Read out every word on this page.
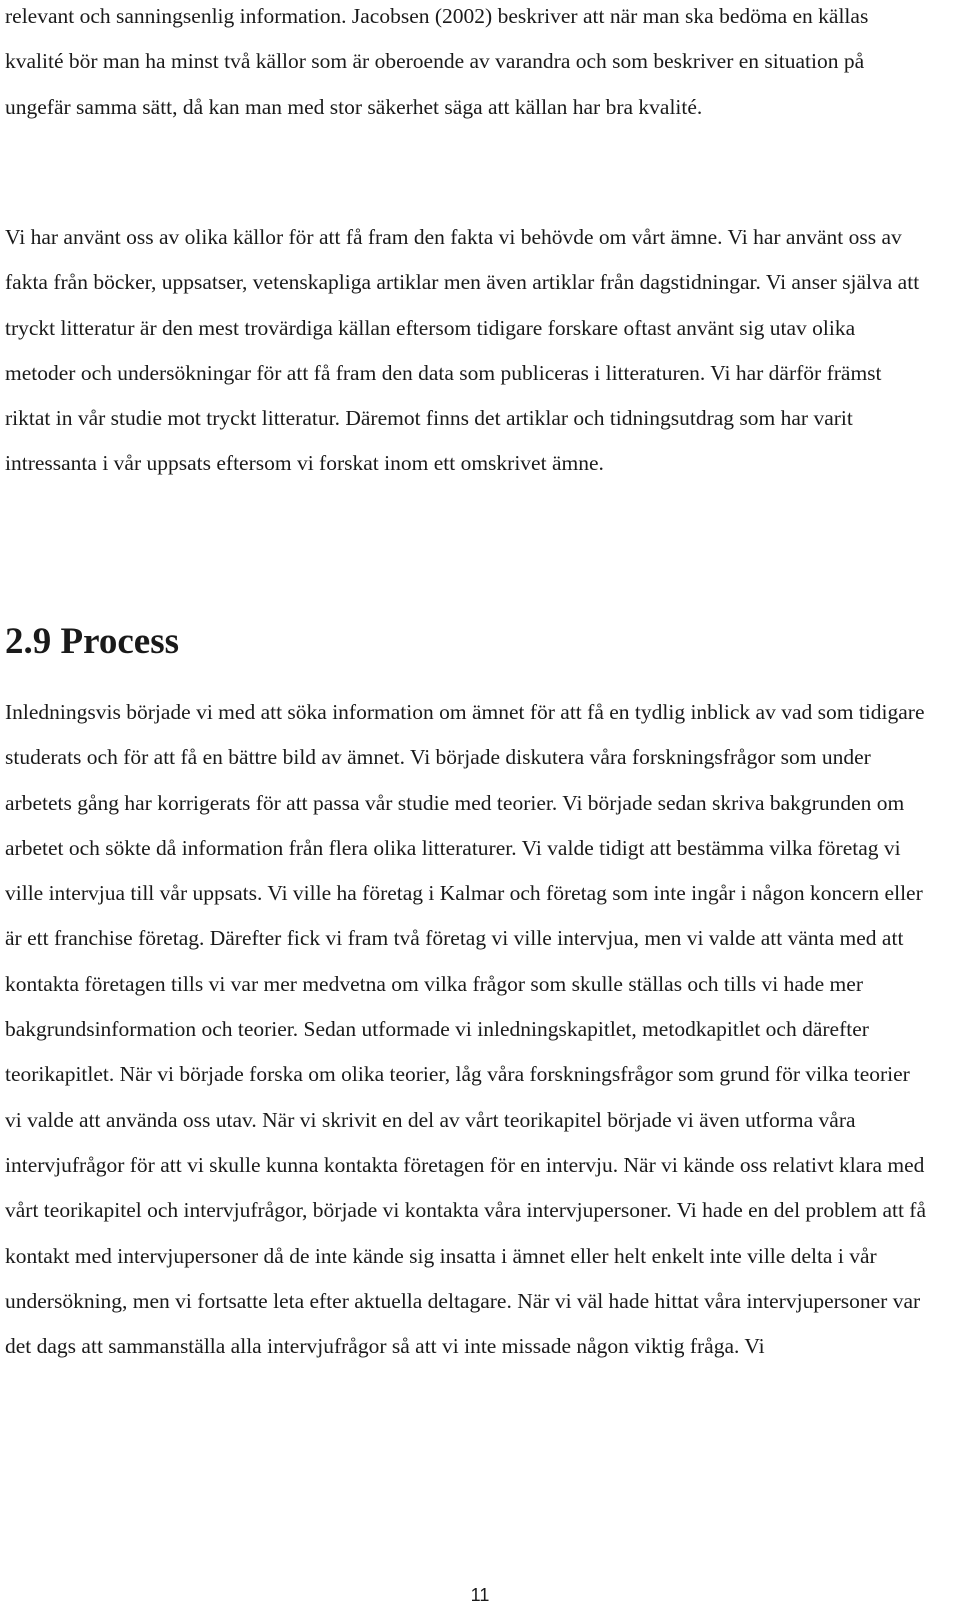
relevant och sanningsenlig information. Jacobsen (2002) beskriver att när man ska bedöma en källas kvalité bör man ha minst två källor som är oberoende av varandra och som beskriver en situation på ungefär samma sätt, då kan man med stor säkerhet säga att källan har bra kvalité.

Vi har använt oss av olika källor för att få fram den fakta vi behövde om vårt ämne. Vi har använt oss av fakta från böcker, uppsatser, vetenskapliga artiklar men även artiklar från dagstidningar. Vi anser själva att tryckt litteratur är den mest trovärdiga källan eftersom tidigare forskare oftast använt sig utav olika metoder och undersökningar för att få fram den data som publiceras i litteraturen. Vi har därför främst riktat in vår studie mot tryckt litteratur. Däremot finns det artiklar och tidningsutdrag som har varit intressanta i vår uppsats eftersom vi forskat inom ett omskrivet ämne.

2.9 Process

Inledningsvis började vi med att söka information om ämnet för att få en tydlig inblick av vad som tidigare studerats och för att få en bättre bild av ämnet. Vi började diskutera våra forskningsfrågor som under arbetets gång har korrigerats för att passa vår studie med teorier. Vi började sedan skriva bakgrunden om arbetet och sökte då information från flera olika litteraturer. Vi valde tidigt att bestämma vilka företag vi ville intervjua till vår uppsats. Vi ville ha företag i Kalmar och företag som inte ingår i någon koncern eller är ett franchise företag. Därefter fick vi fram två företag vi ville intervjua, men vi valde att vänta med att kontakta företagen tills vi var mer medvetna om vilka frågor som skulle ställas och tills vi hade mer bakgrundsinformation och teorier. Sedan utformade vi inledningskapitlet, metodkapitlet och därefter teorikapitlet. När vi började forska om olika teorier, låg våra forskningsfrågor som grund för vilka teorier vi valde att använda oss utav. När vi skrivit en del av vårt teorikapitel började vi även utforma våra intervjufrågor för att vi skulle kunna kontakta företagen för en intervju. När vi kände oss relativt klara med vårt teorikapitel och intervjufrågor, började vi kontakta våra intervjupersoner. Vi hade en del problem att få kontakt med intervjupersoner då de inte kände sig insatta i ämnet eller helt enkelt inte ville delta i vår undersökning, men vi fortsatte leta efter aktuella deltagare. När vi väl hade hittat våra intervjupersoner var det dags att sammanställa alla intervjufrågor så att vi inte missade någon viktig fråga. Vi

11
